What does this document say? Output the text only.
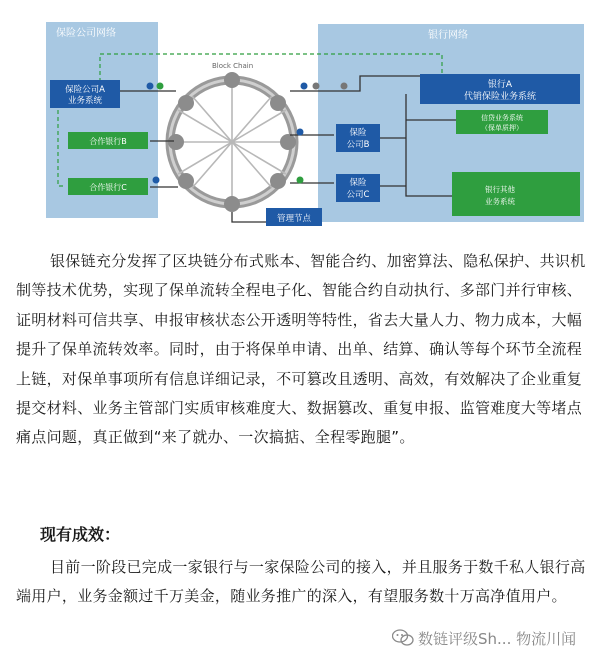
保险公司网络	银行网络
Block Chain
保险公司A
业务系统
合作银行B
合作银行C
保险
公司B
保险
公司C
管理节点
银行A
代销保险业务系统
信贷业务系统
（保单质押）
银行其他
业务系统

银保链充分发挥了区块链分布式账本、智能合约、加密算法、隐私保护、共识机制等技术优势，实现了保单流转全程电子化、智能合约自动执行、多部门并行审核、证明材料可信共享、申报审核状态公开透明等特性，省去大量人力、物力成本，大幅提升了保单流转效率。同时，由于将保单申请、出单、结算、确认等每个环节全流程上链，对保单事项所有信息详细记录，不可篡改且透明、高效，有效解决了企业重复提交材料、业务主管部门实质审核难度大、数据篡改、重复申报、监管难度大等堵点痛点问题，真正做到“来了就办、一次搞掂、全程零跑腿”。

现有成效：

目前一阶段已完成一家银行与一家保险公司的接入，并且服务于数千私人银行高端用户，业务金额过千万美金，随业务推广的深入，有望服务数十万高净值用户。

数链评级Sh... 物流川闻
